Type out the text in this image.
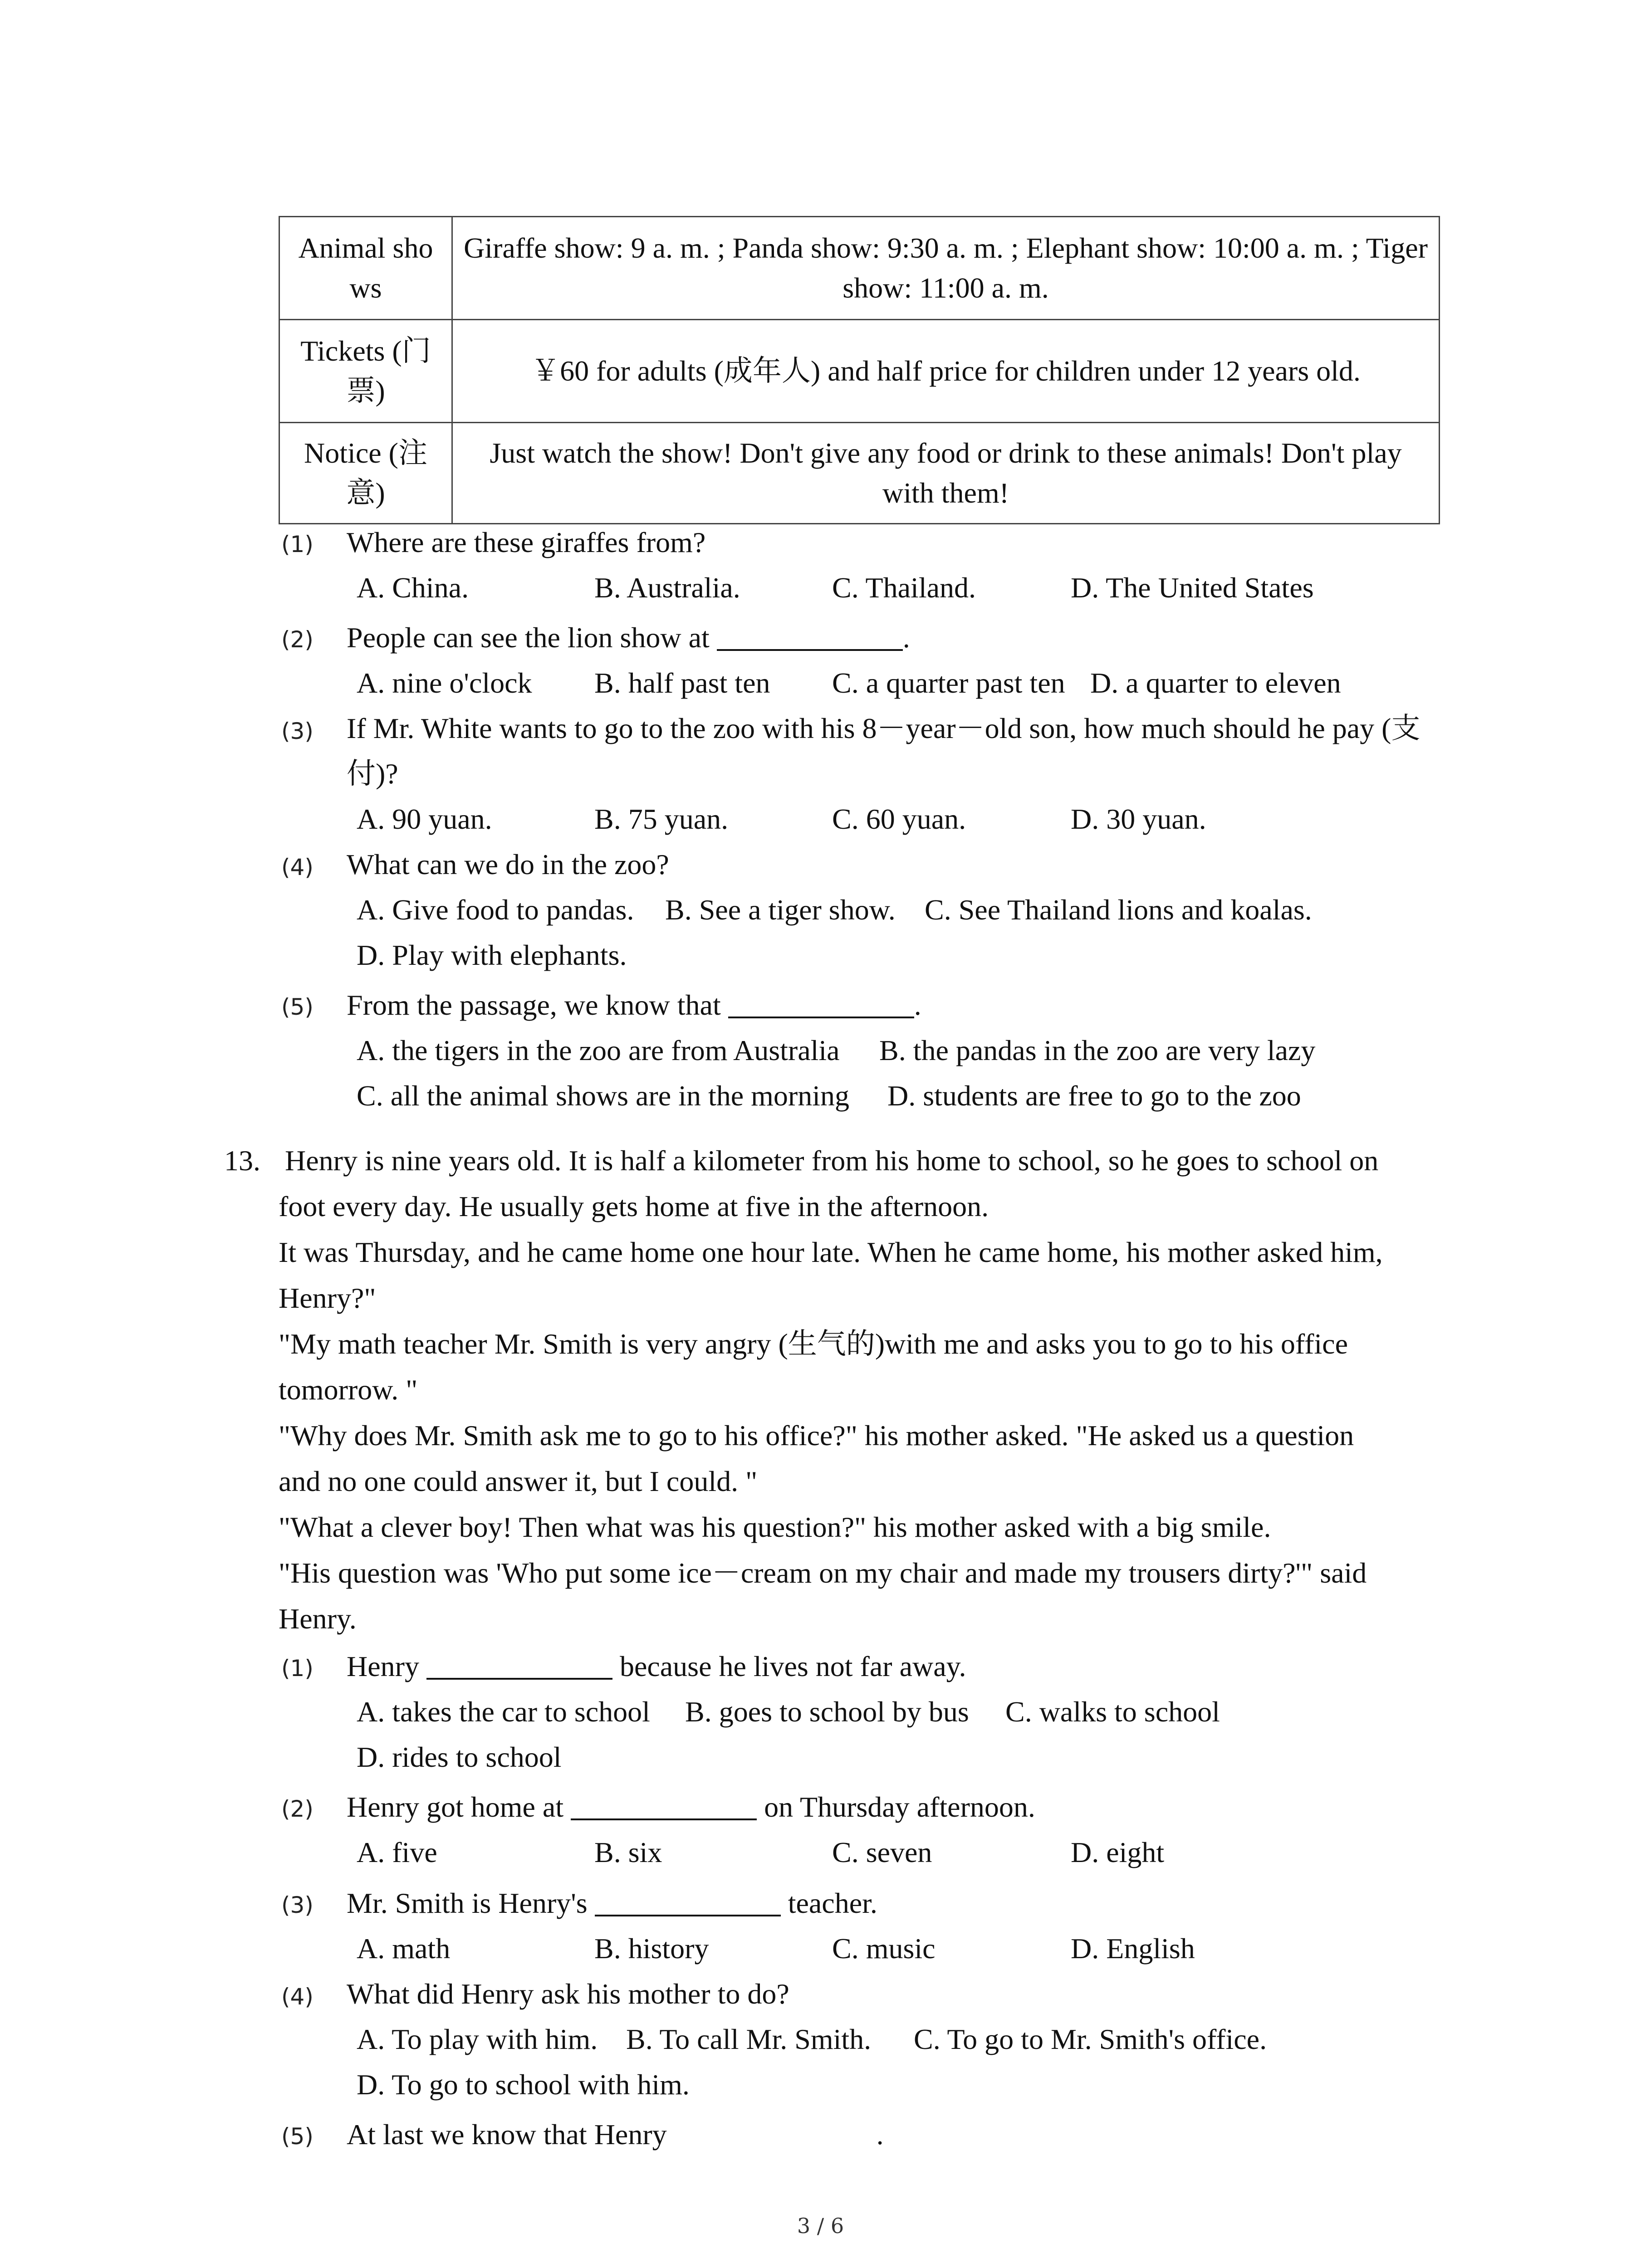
Animal sho ws	Giraffe show: 9 a. m. ; Panda show: 9:30 a. m. ; Elephant show: 10:00 a. m. ; Tiger show: 11:00 a. m.
Tickets (门票)	￥60 for adults (成年人) and half price for children under 12 years old.
Notice (注意)	Just watch the show! Don't give any food or drink to these animals! Don't play with them!
(1) Where are these giraffes from?
A. China.	B. Australia.	C. Thailand.	D. The United States
(2) People can see the lion show at	.
A. nine o'clock B. half past ten C. a quarter past ten D. a quarter to eleven
(3) If Mr. White wants to go to the zoo with his 8－year－old son, how much should he pay (支付)?
A. 90 yuan.	B. 75 yuan.	C. 60 yuan.	D. 30 yuan.
(4) What can we do in the zoo?
A. Give food to pandas. B. See a tiger show. C. See Thailand lions and koalas.
D. Play with elephants.
(5) From the passage, we know that	.
A. the tigers in the zoo are from Australia B. the pandas in the zoo are very lazy
C. all the animal shows are in the morning D. students are free to go to the zoo
13. Henry is nine years old. It is half a kilometer from his home to school, so he goes to school on
foot every day. He usually gets home at five in the afternoon.
It was Thursday, and he came home one hour late. When he came home, his mother asked him,
Henry?"
"My math teacher Mr. Smith is very angry (生气的)with me and asks you to go to his office
tomorrow. "
"Why does Mr. Smith ask me to go to his office?" his mother asked. "He asked us a question
and no one could answer it, but I could. "
"What a clever boy! Then what was his question?" his mother asked with a big smile.
"His question was 'Who put some ice－cream on my chair and made my trousers dirty?'" said
Henry.
(1) Henry	because he lives not far away.
A. takes the car to school B. goes to school by bus C. walks to school
D. rides to school
(2) Henry got home at	on Thursday afternoon.
A. five	B. six	C. seven	D. eight
(3) Mr. Smith is Henry's	teacher.
A. math	B. history	C. music	D. English
(4) What did Henry ask his mother to do?
A. To play with him. B. To call Mr. Smith. C. To go to Mr. Smith's office.
D. To go to school with him.
(5) At last we know that Henry	.
3 / 6
